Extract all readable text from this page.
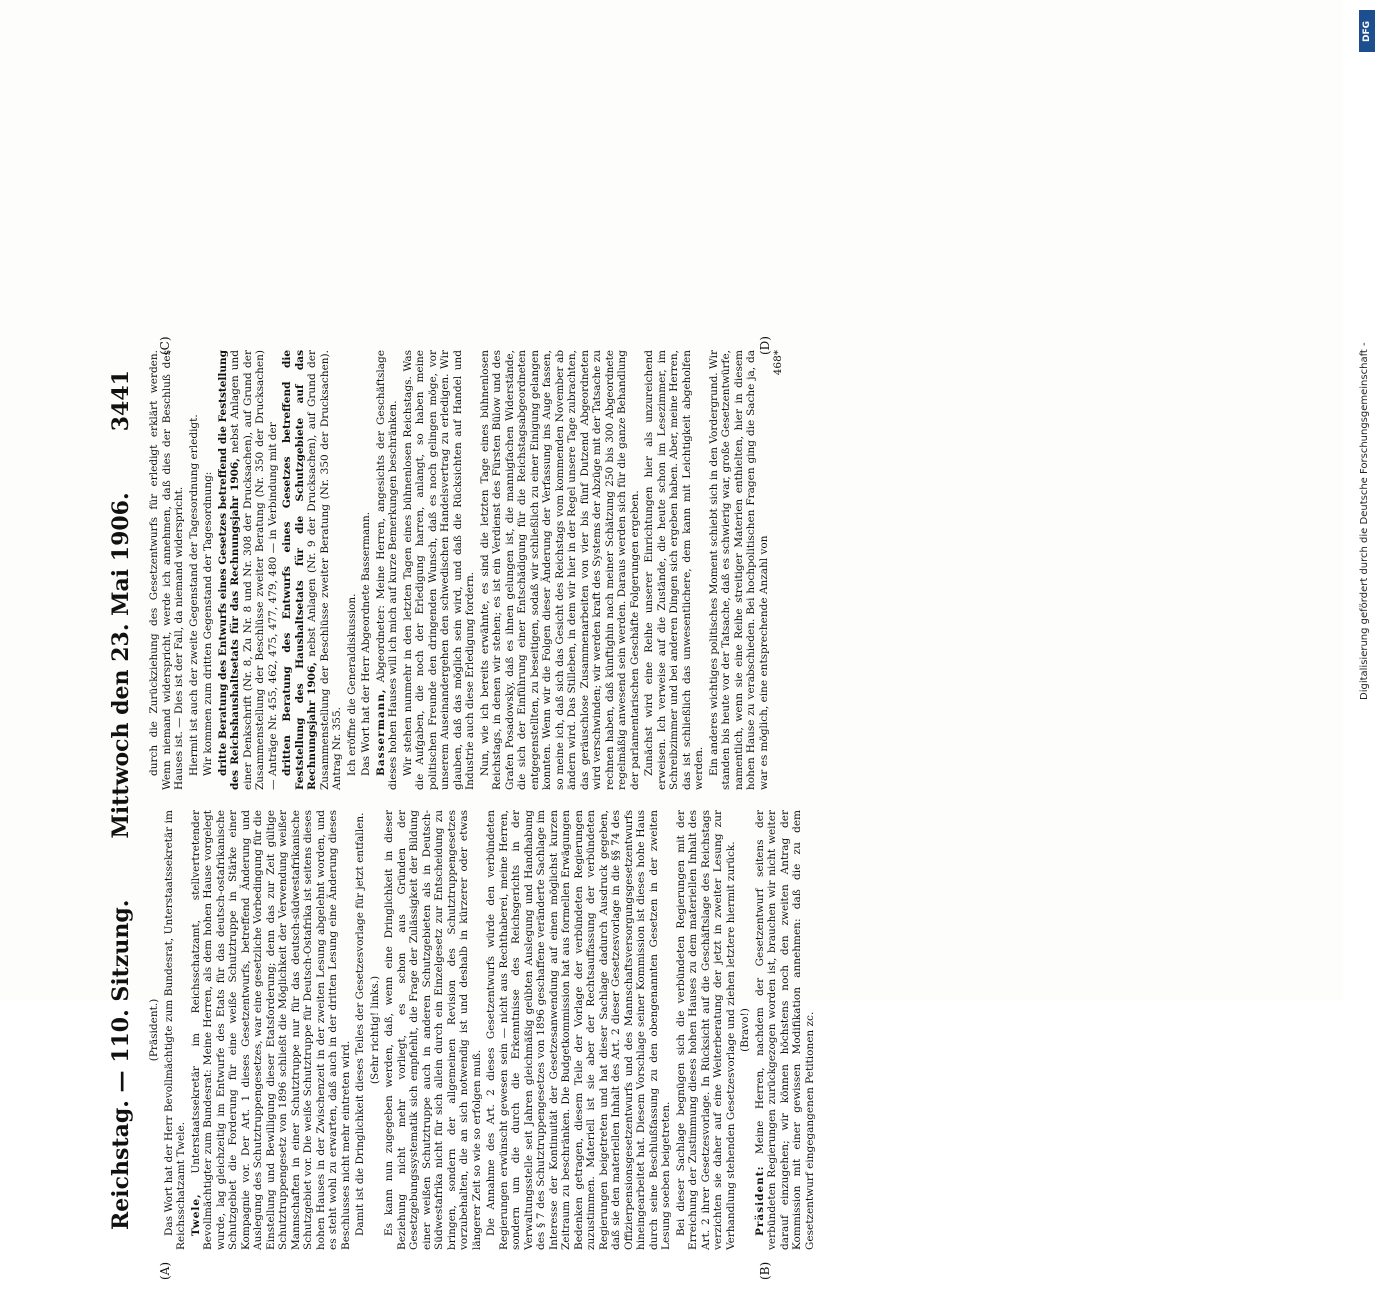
Reichstag. — 110. Sitzung.
Mittwoch den 23. Mai 1906.
3441
(A)	(B)
(C)	(D)

(Präsident.) Das Wort hat der Herr Bevollmächtigte zum Bundesrat, Unterstaatssekretär im Reichsschatzamt Twele. Twele, Unterstaatssekretär im Reichsschatzamt, stellvertretender Bevollmächtigter zum Bundesrat: Meine Herren, als dem hohen Hause vorgelegt wurde, lag gleichzeitig im Entwurfe des Etats für das deutsch-ostafrikanische Schutzgebiet die Forderung für eine weiße Schutztruppe in Stärke einer Kompagnie vor. Der Art. 1 dieses Gesetzentwurfs, betreffend Änderung und Auslegung des Schutztruppengesetzes, war eine gesetzliche Vorbedingung für die Einstellung und Bewilligung dieser Etatsforderung; denn das zur Zeit gültige Schutztruppengesetz von 1896 schließt die Möglichkeit der Verwendung weißer Mannschaften in einer Schutztruppe nur für das deutsch-südwestafrikanische Schutzgebiet vor. Die weiße Schutztruppe für Deutsch-Ostafrika ist seitens dieses hohen Hauses in der Zwischenzeit in der zweiten Lesung abgelehnt worden, und es steht wohl zu erwarten, daß auch in der dritten Lesung eine Änderung dieses Beschlusses nicht mehr eintreten wird. Damit ist die Dringlichkeit dieses Teiles der Gesetzesvorlage für jetzt entfallen. (Sehr richtig! links.) Es kann nun zugegeben werden, daß, wenn eine Dringlichkeit in dieser Beziehung nicht mehr vorliegt, es schon aus Gründen der Gesetzgebungssystematik sich empfiehlt, die Frage der Zulässigkeit der Bildung einer weißen Schutztruppe auch in anderen Schutzgebieten als in Deutsch-Südwestafrika nicht für sich allein durch ein Einzelgesetz zur Entscheidung zu bringen, sondern der allgemeinen Revision des Schutztruppengesetzes vorzubehalten, die an sich notwendig ist und deshalb in kürzerer oder etwas längerer Zeit so wie so erfolgen muß. Die Annahme des Art. 2 dieses Gesetzentwurfs würde den verbündeten Regierungen erwünscht gewesen sein — nicht aus Rechthaberei, meine Herren, sondern um die durch die Erkenntnisse des Reichsgerichts in der Verwaltungsstelle seit Jahren gleichmäßig geübten Auslegung und Handhabung des § 7 des Schutztruppengesetzes von 1896 geschaffene veränderte Sachlage im Interesse der Kontinuität der Gesetzesanwendung auf einen möglichst kurzen Zeitraum zu beschränken. Die Budgetkommission hat aus formellen Erwägungen Bedenken getragen, diesem Teile der Vorlage der verbündeten Regierungen zuzustimmen. Materiell ist sie aber der Rechtsauffassung der verbündeten Regierungen beigetreten und hat dieser Sachlage dadurch Ausdruck gegeben, daß sie den materiellen Inhalt des Art. 2 dieser Gesetzesvorlage in die §§ 74 des Offizierpensionsgesetzentwurfs und des Mannschaftsversorgungsgesetzentwurfs hineingearbeitet hat. Diesem Vorschlage seiner Kommission ist dieses hohe Haus durch seine Beschlußfassung zu den obengenannten Gesetzen in der zweiten Lesung soeben beigetreten. Bei dieser Sachlage begnügen sich die verbündeten Regierungen mit der Erreichung der Zustimmung dieses hohen Hauses zu dem materiellen Inhalt des Art. 2 ihrer Gesetzesvorlage. In Rücksicht auf die Geschäftslage des Reichstags verzichten sie daher auf eine Weiterberatung der jetzt in zweiter Lesung zur Verhandlung stehenden Gesetzesvorlage und ziehen letztere hiermit zurück. (Bravo!)

Präsident: Meine Herren, nachdem der Gesetzentwurf seitens der verbündeten Regierungen zurückgezogen worden ist, brauchen wir nicht weiter darauf einzugehen; wir können höchstens noch den zweiten Antrag der Kommission mit einer gewissen Modifikation annehmen: daß die zu dem Gesetzentwurf eingegangenen Petitionen zc.

durch die Zurückziehung des Gesetzentwurfs für erledigt erklärt werden. Wenn niemand widerspricht, werde ich annehmen, daß dies der Beschluß des Hauses ist. — Dies ist der Fall, da niemand widerspricht. Hiermit ist auch der zweite Gegenstand der Tagesordnung erledigt. Wir kommen zum dritten Gegenstand der Tagesordnung: dritte Beratung des Entwurfs eines Gesetzes betreffend die Feststellung des Reichshaushaltsetats für das Rechnungsjahr 1906, nebst Anlagen und einer Denkschrift (Nr. 8, Zu Nr. 8 und Nr. 308 der Drucksachen), auf Grund der Zusammenstellung der Beschlüsse zweiter Beratung (Nr. 350 der Drucksachen) — Anträge Nr. 455, 462, 475, 477, 479, 480 — in Verbindung mit der dritten Beratung des Entwurfs eines Gesetzes betreffend die Feststellung des Haushaltsetats für die Schutzgebiete auf das Rechnungsjahr 1906, nebst Anlagen (Nr. 9 der Drucksachen), auf Grund der Zusammenstellung der Beschlüsse zweiter Beratung (Nr. 350 der Drucksachen). Antrag Nr. 355. Ich eröffne die Generaldiskussion. Das Wort hat der Herr Abgeordnete Bassermann. Bassermann, Abgeordneter: Meine Herren, angesichts der Geschäftslage dieses hohen Hauses will ich mich auf kurze Bemerkungen beschränken. Wir stehen nunmehr in den letzten Tagen eines bühnenlosen Reichstags. Was die Aufgaben, die noch der Erledigung harren, anlangt, so haben meine politischen Freunde den dringenden Wunsch, daß es noch gelingen möge, vor unserem Auseinandergehen den schwedischen Handelsvertrag zu erledigen. Wir glauben, daß das möglich sein wird, und daß die Rücksichten auf Handel und Industrie auch diese Erledigung fordern. Nun, wie ich bereits erwähnte, es sind die letzten Tage eines bühnenlosen Reichstags, in denen wir stehen; es ist ein Verdienst des Fürsten Bülow und des Grafen Posadowsky, daß es ihnen gelungen ist, die mannigfachen Widerstände, die sich der Einführung einer Entschädigung für die Reichstagsabgeordneten entgegenstellten, zu beseitigen, sodaß wir schließlich zu einer Einigung gelangen konnten. Wenn wir die Folgen dieser Änderung der Verfassung ins Auge fassen, so meine ich, daß sich das Gesicht des Reichstags vom kommenden November ab ändern wird. Das Stilleben, in dem wir hier in der Regel unsere Tage zubrachten, das geräuschlose Zusammenarbeiten von vier bis fünf Dutzend Abgeordneten wird verschwinden; wir werden kraft des Systems der Abzüge mit der Tatsache zu rechnen haben, daß künftighin nach meiner Schätzung 250 bis 300 Abgeordnete regelmäßig anwesend sein werden. Daraus werden sich für die ganze Behandlung der parlamentarischen Geschäfte Folgerungen ergeben. Zunächst wird eine Reihe unserer Einrichtungen hier als unzureichend erweisen. Ich verweise auf die Zustände, die heute schon im Lesezimmer, im Schreibzimmer und bei anderen Dingen sich ergeben haben. Aber, meine Herren, das ist schließlich das unwesentlichere, dem kann mit Leichtigkeit abgeholfen werden. Ein anderes wichtiges politisches Moment schiebt sich in den Vordergrund. Wir standen bis heute vor der Tatsache, daß es schwierig war, große Gesetzentwürfe, namentlich, wenn sie eine Reihe streitiger Materien enthielten, hier in diesem hohen Hause zu verabschieden. Bei hochpolitischen Fragen ging die Sache ja, da war es möglich, eine entsprechende Anzahl von

468*

DFG
Digitalisierung gefördert durch die Deutsche Forschungsgemeinschaft -
